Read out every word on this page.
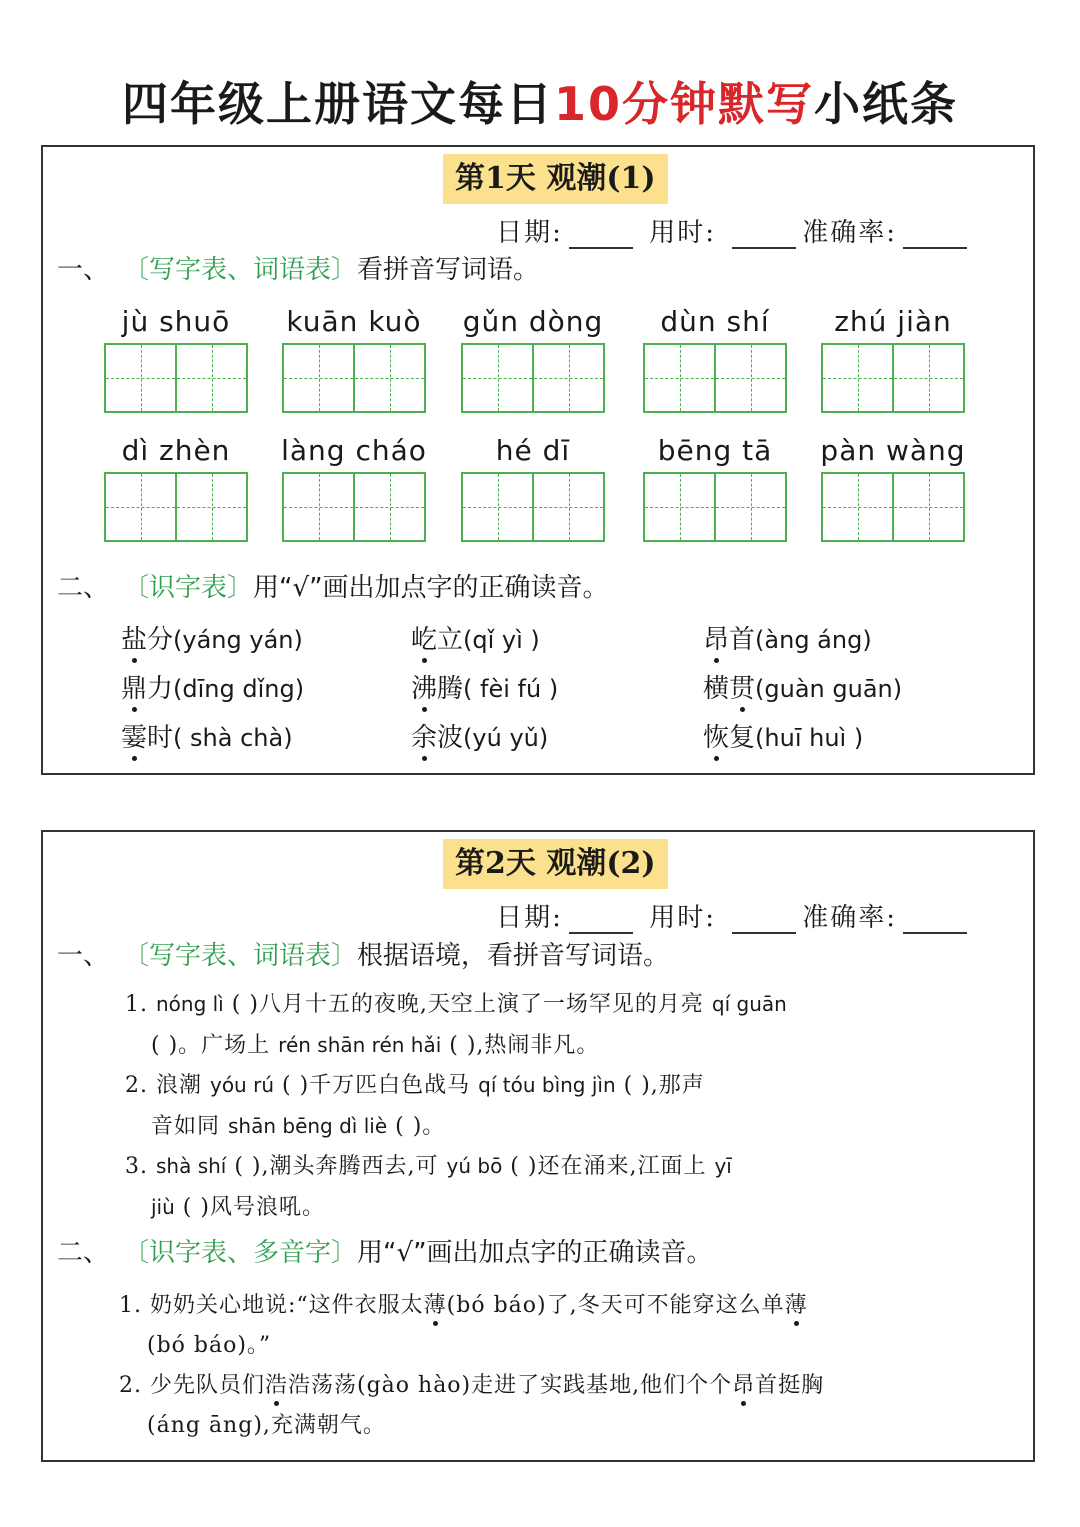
四年级上册语文每日10分钟默写小纸条
第1天 观潮(1)
日期:	用时:	准确率:
一、 〔写字表、词语表〕看拼音写词语。
jù shuō	kuān kuò	gǔn dòng	dùn shí	zhú jiàn
dì zhèn	làng cháo	hé dī	bēng tā	pàn wàng
二、 〔识字表〕用“√”画出加点字的正确读音。
盐分(yáng yán)	屹立(qǐ yì )	昂首(àng áng)
鼎力(dīng dǐng)	沸腾( fèi fú )	横贯(guàn guān)
霎时( shà chà)	余波(yú yǔ)	恢复(huī huì )
第2天 观潮(2)
日期:	用时:	准确率:
一、 〔写字表、词语表〕根据语境，看拼音写词语。
1. nóng lì ( )八月十五的夜晚,天空上演了一场罕见的月亮 qí guān
( )。广场上 rén shān rén hǎi ( ),热闹非凡。
2. 浪潮 yóu rú ( )千万匹白色战马 qí tóu bìng jìn ( ),那声
音如同 shān bēng dì liè ( )。
3. shà shí ( ),潮头奔腾西去,可 yú bō ( )还在涌来,江面上 yī
jiù ( )风号浪吼。
二、 〔识字表、多音字〕用“√”画出加点字的正确读音。
1. 奶奶关心地说:“这件衣服太薄(bó báo)了,冬天可不能穿这么单薄
(bó báo)。”
2. 少先队员们浩浩荡荡(gào hào)走进了实践基地,他们个个昂首挺胸
(áng āng),充满朝气。
